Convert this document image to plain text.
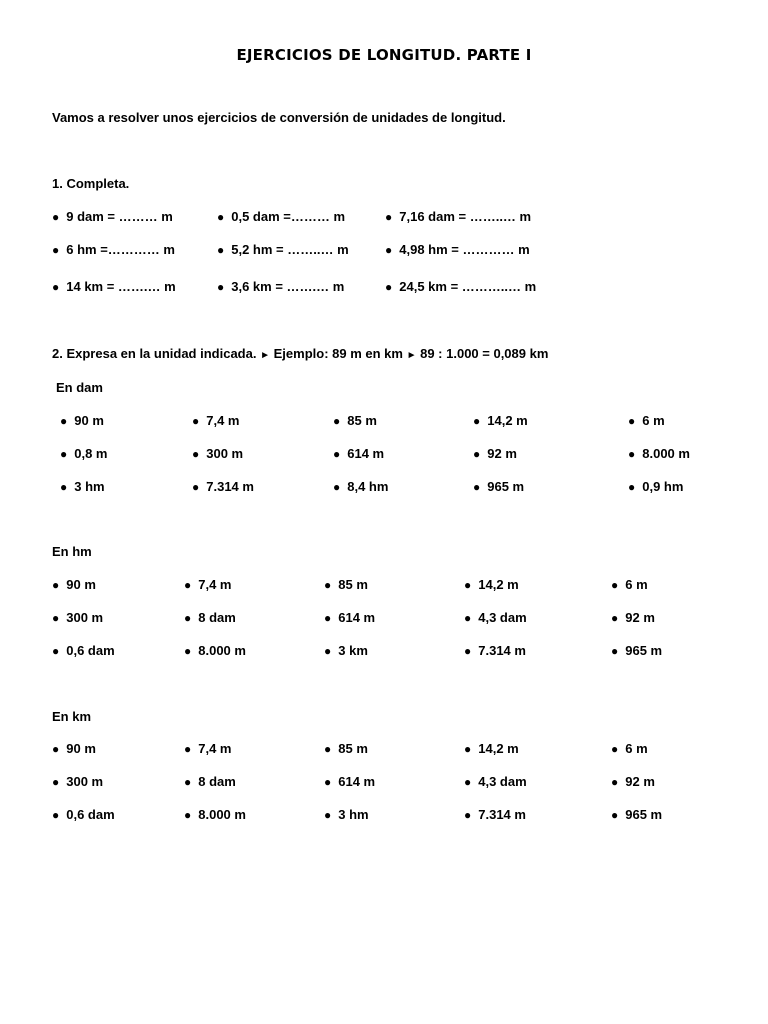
EJERCICIOS DE LONGITUD. PARTE I
Vamos a resolver unos ejercicios de conversión de unidades de longitud.
1. Completa.
● 9 dam = ……… m	● 0,5 dam =……… m	● 7,16 dam = ……..… m
● 6 hm =………… m	● 5,2 hm = ……..… m	● 4,98 hm = ………… m
● 14 km = …….… m	● 3,6 km = …….… m	● 24,5 km = ………..… m
2. Expresa en la unidad indicada. ► Ejemplo: 89 m en km ► 89 : 1.000 = 0,089 km
En dam
● 90 m	● 7,4 m	● 85 m	● 14,2 m	● 6 m
● 0,8 m	● 300 m	● 614 m	● 92 m	● 8.000 m
● 3 hm	● 7.314 m	● 8,4 hm	● 965 m	● 0,9 hm
En hm
● 90 m	● 7,4 m	● 85 m	● 14,2 m	● 6 m
● 300 m	● 8 dam	● 614 m	● 4,3 dam	● 92 m
● 0,6 dam	● 8.000 m	● 3 km	● 7.314 m	● 965 m
En km
● 90 m	● 7,4 m	● 85 m	● 14,2 m	● 6 m
● 300 m	● 8 dam	● 614 m	● 4,3 dam	● 92 m
● 0,6 dam	● 8.000 m	● 3 hm	● 7.314 m	● 965 m
